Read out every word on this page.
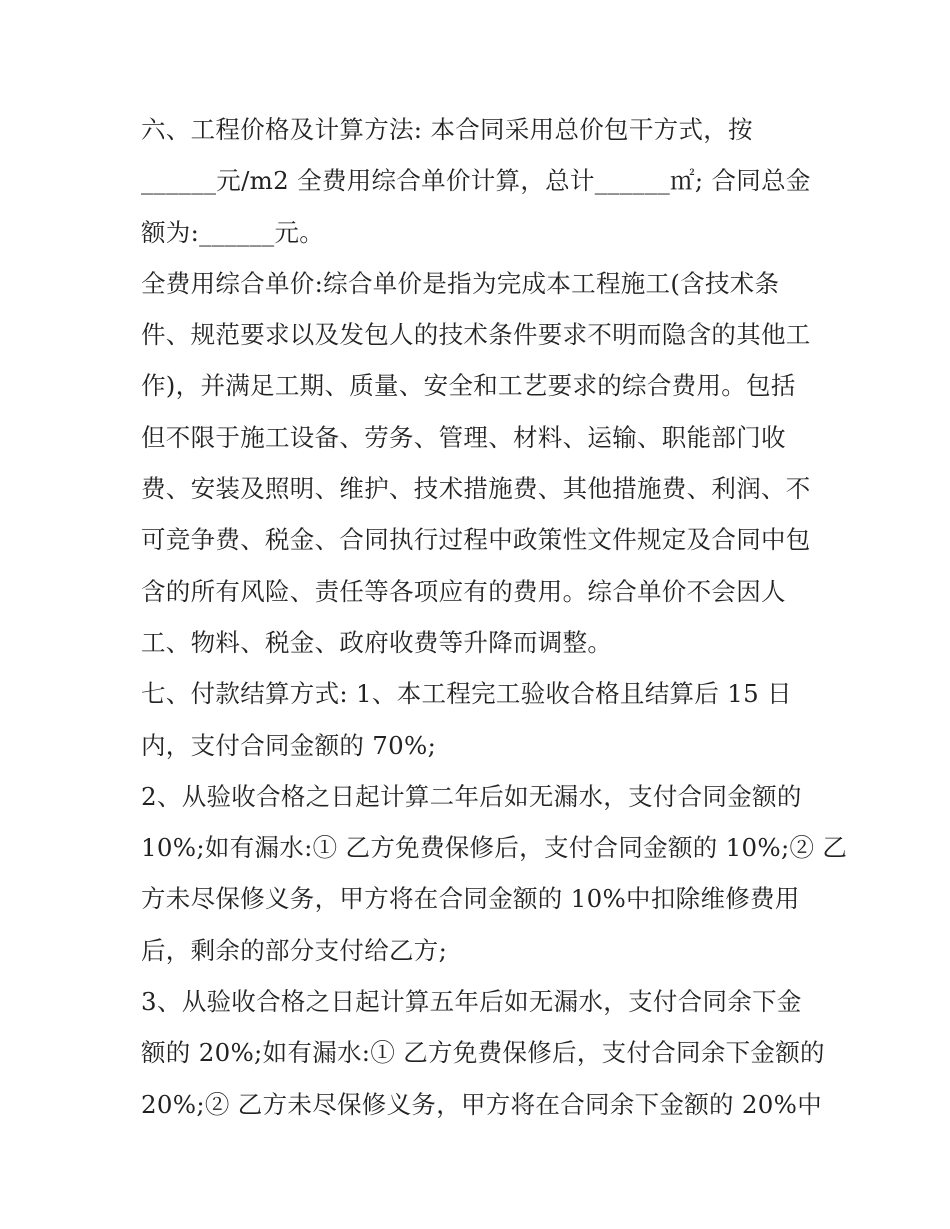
六、工程价格及计算方法: 本合同采用总价包干方式，按
______元/m2 全费用综合单价计算，总计______㎡; 合同总金
额为:______元。
全费用综合单价:综合单价是指为完成本工程施工(含技术条
件、规范要求以及发包人的技术条件要求不明而隐含的其他工
作)，并满足工期、质量、安全和工艺要求的综合费用。包括
但不限于施工设备、劳务、管理、材料、运输、职能部门收
费、安装及照明、维护、技术措施费、其他措施费、利润、不
可竞争费、税金、合同执行过程中政策性文件规定及合同中包
含的所有风险、责任等各项应有的费用。综合单价不会因人
工、物料、税金、政府收费等升降而调整。
七、付款结算方式: 1、本工程完工验收合格且结算后 15 日
内，支付合同金额的 70%;
2、从验收合格之日起计算二年后如无漏水，支付合同金额的
10%;如有漏水:① 乙方免费保修后，支付合同金额的 10%;② 乙
方未尽保修义务，甲方将在合同金额的 10%中扣除维修费用
后，剩余的部分支付给乙方;
3、从验收合格之日起计算五年后如无漏水，支付合同余下金
额的 20%;如有漏水:① 乙方免费保修后，支付合同余下金额的
20%;② 乙方未尽保修义务，甲方将在合同余下金额的 20%中
